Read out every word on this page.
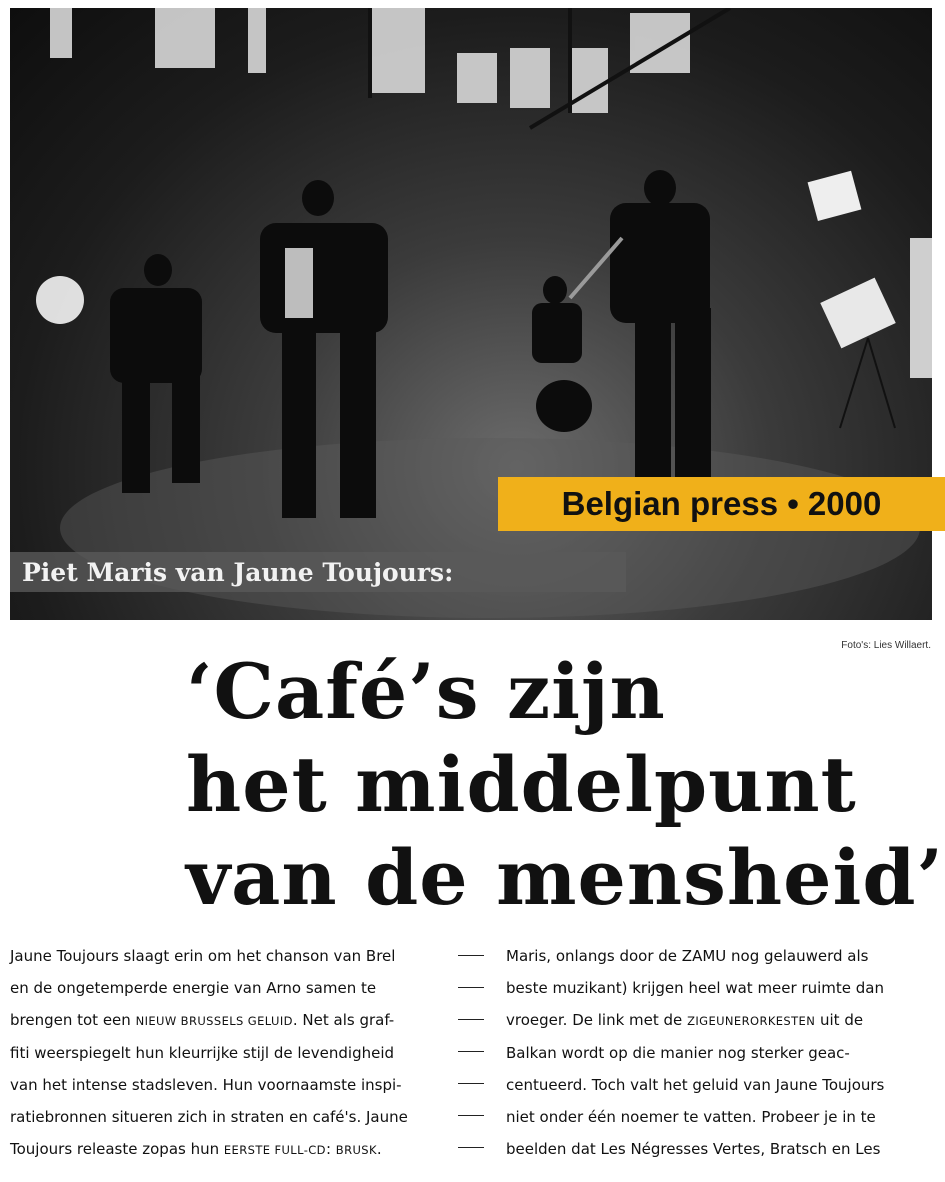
Belgian press • 2000
Piet Maris van Jaune Toujours:
Foto's: Lies Willaert.
‘Café’s zijn
het middelpunt
van de mensheid’
Jaune Toujours slaagt erin om het chanson van Brel
en de ongetemperde energie van Arno samen te
brengen tot een NIEUW BRUSSELS GELUID. Net als graf-
fiti weerspiegelt hun kleurrijke stijl de levendigheid
van het intense stadsleven. Hun voornaamste inspi-
ratiebronnen situeren zich in straten en café's. Jaune
Toujours releaste zopas hun EERSTE FULL-CD: BRUSK.
Maris, onlangs door de ZAMU nog gelauwerd als
beste muzikant) krijgen heel wat meer ruimte dan
vroeger. De link met de ZIGEUNERORKESTEN uit de
Balkan wordt op die manier nog sterker geac-
centueerd. Toch valt het geluid van Jaune Toujours
niet onder één noemer te vatten. Probeer je in te
beelden dat Les Négresses Vertes, Bratsch en Les
